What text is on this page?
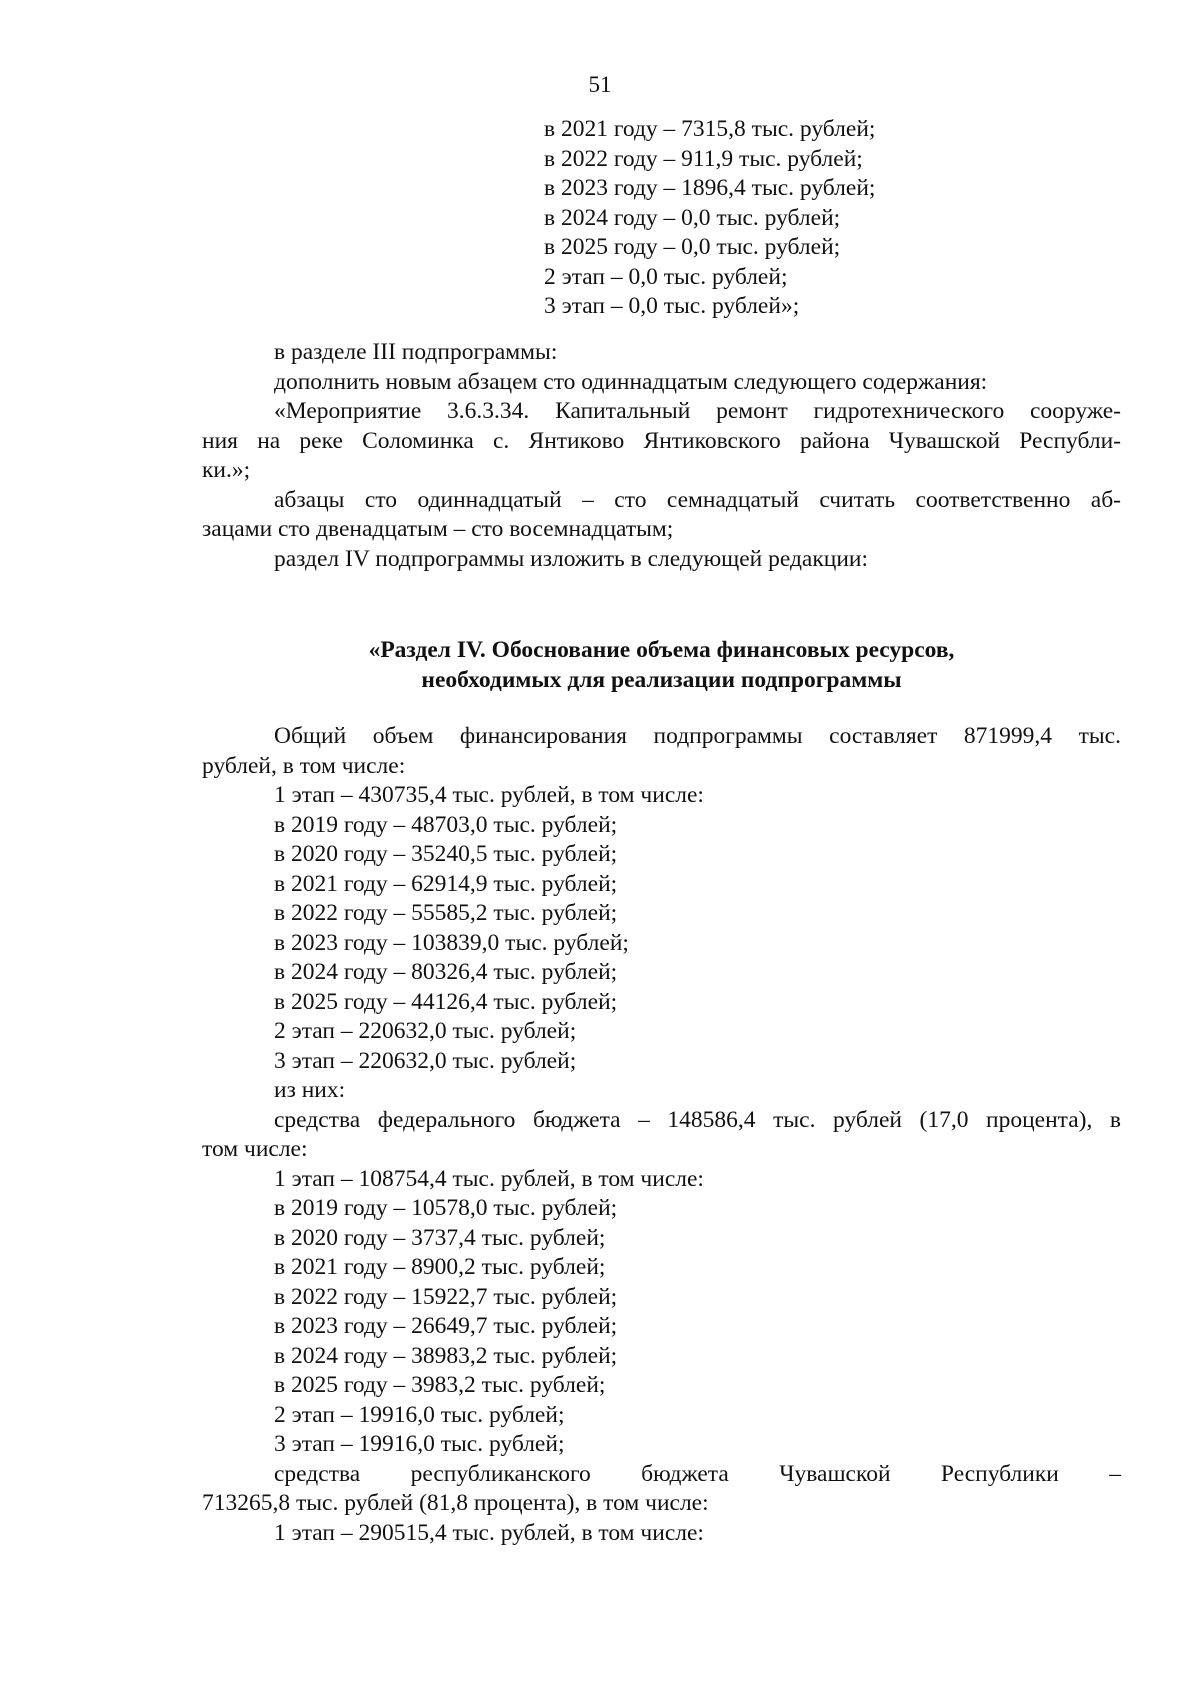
51
в 2021 году – 7315,8 тыс. рублей;
в 2022 году – 911,9 тыс. рублей;
в 2023 году – 1896,4 тыс. рублей;
в 2024 году – 0,0 тыс. рублей;
в 2025 году – 0,0 тыс. рублей;
2 этап – 0,0 тыс. рублей;
3 этап – 0,0 тыс. рублей»;
в разделе III подпрограммы:
дополнить новым абзацем сто одиннадцатым следующего содержания:
«Мероприятие 3.6.3.34. Капитальный ремонт гидротехнического сооруже-
ния на реке Соломинка с. Янтиково Янтиковского района Чувашской Республи-
ки.»;
абзацы сто одиннадцатый – сто семнадцатый считать соответственно аб-
зацами сто двенадцатым – сто восемнадцатым;
раздел IV подпрограммы изложить в следующей редакции:
«Раздел IV. Обоснование объема финансовых ресурсов,
необходимых для реализации подпрограммы
Общий объем финансирования подпрограммы составляет 871999,4 тыс.
рублей, в том числе:
1 этап – 430735,4 тыс. рублей, в том числе:
в 2019 году – 48703,0 тыс. рублей;
в 2020 году – 35240,5 тыс. рублей;
в 2021 году – 62914,9 тыс. рублей;
в 2022 году – 55585,2 тыс. рублей;
в 2023 году – 103839,0 тыс. рублей;
в 2024 году – 80326,4 тыс. рублей;
в 2025 году – 44126,4 тыс. рублей;
2 этап – 220632,0 тыс. рублей;
3 этап – 220632,0 тыс. рублей;
из них:
средства федерального бюджета – 148586,4 тыс. рублей (17,0 процента), в
том числе:
1 этап – 108754,4 тыс. рублей, в том числе:
в 2019 году – 10578,0 тыс. рублей;
в 2020 году – 3737,4 тыс. рублей;
в 2021 году – 8900,2 тыс. рублей;
в 2022 году – 15922,7 тыс. рублей;
в 2023 году – 26649,7 тыс. рублей;
в 2024 году – 38983,2 тыс. рублей;
в 2025 году – 3983,2 тыс. рублей;
2 этап – 19916,0 тыс. рублей;
3 этап – 19916,0 тыс. рублей;
средства республиканского бюджета Чувашской Республики –
713265,8 тыс. рублей (81,8 процента), в том числе:
1 этап – 290515,4 тыс. рублей, в том числе:
